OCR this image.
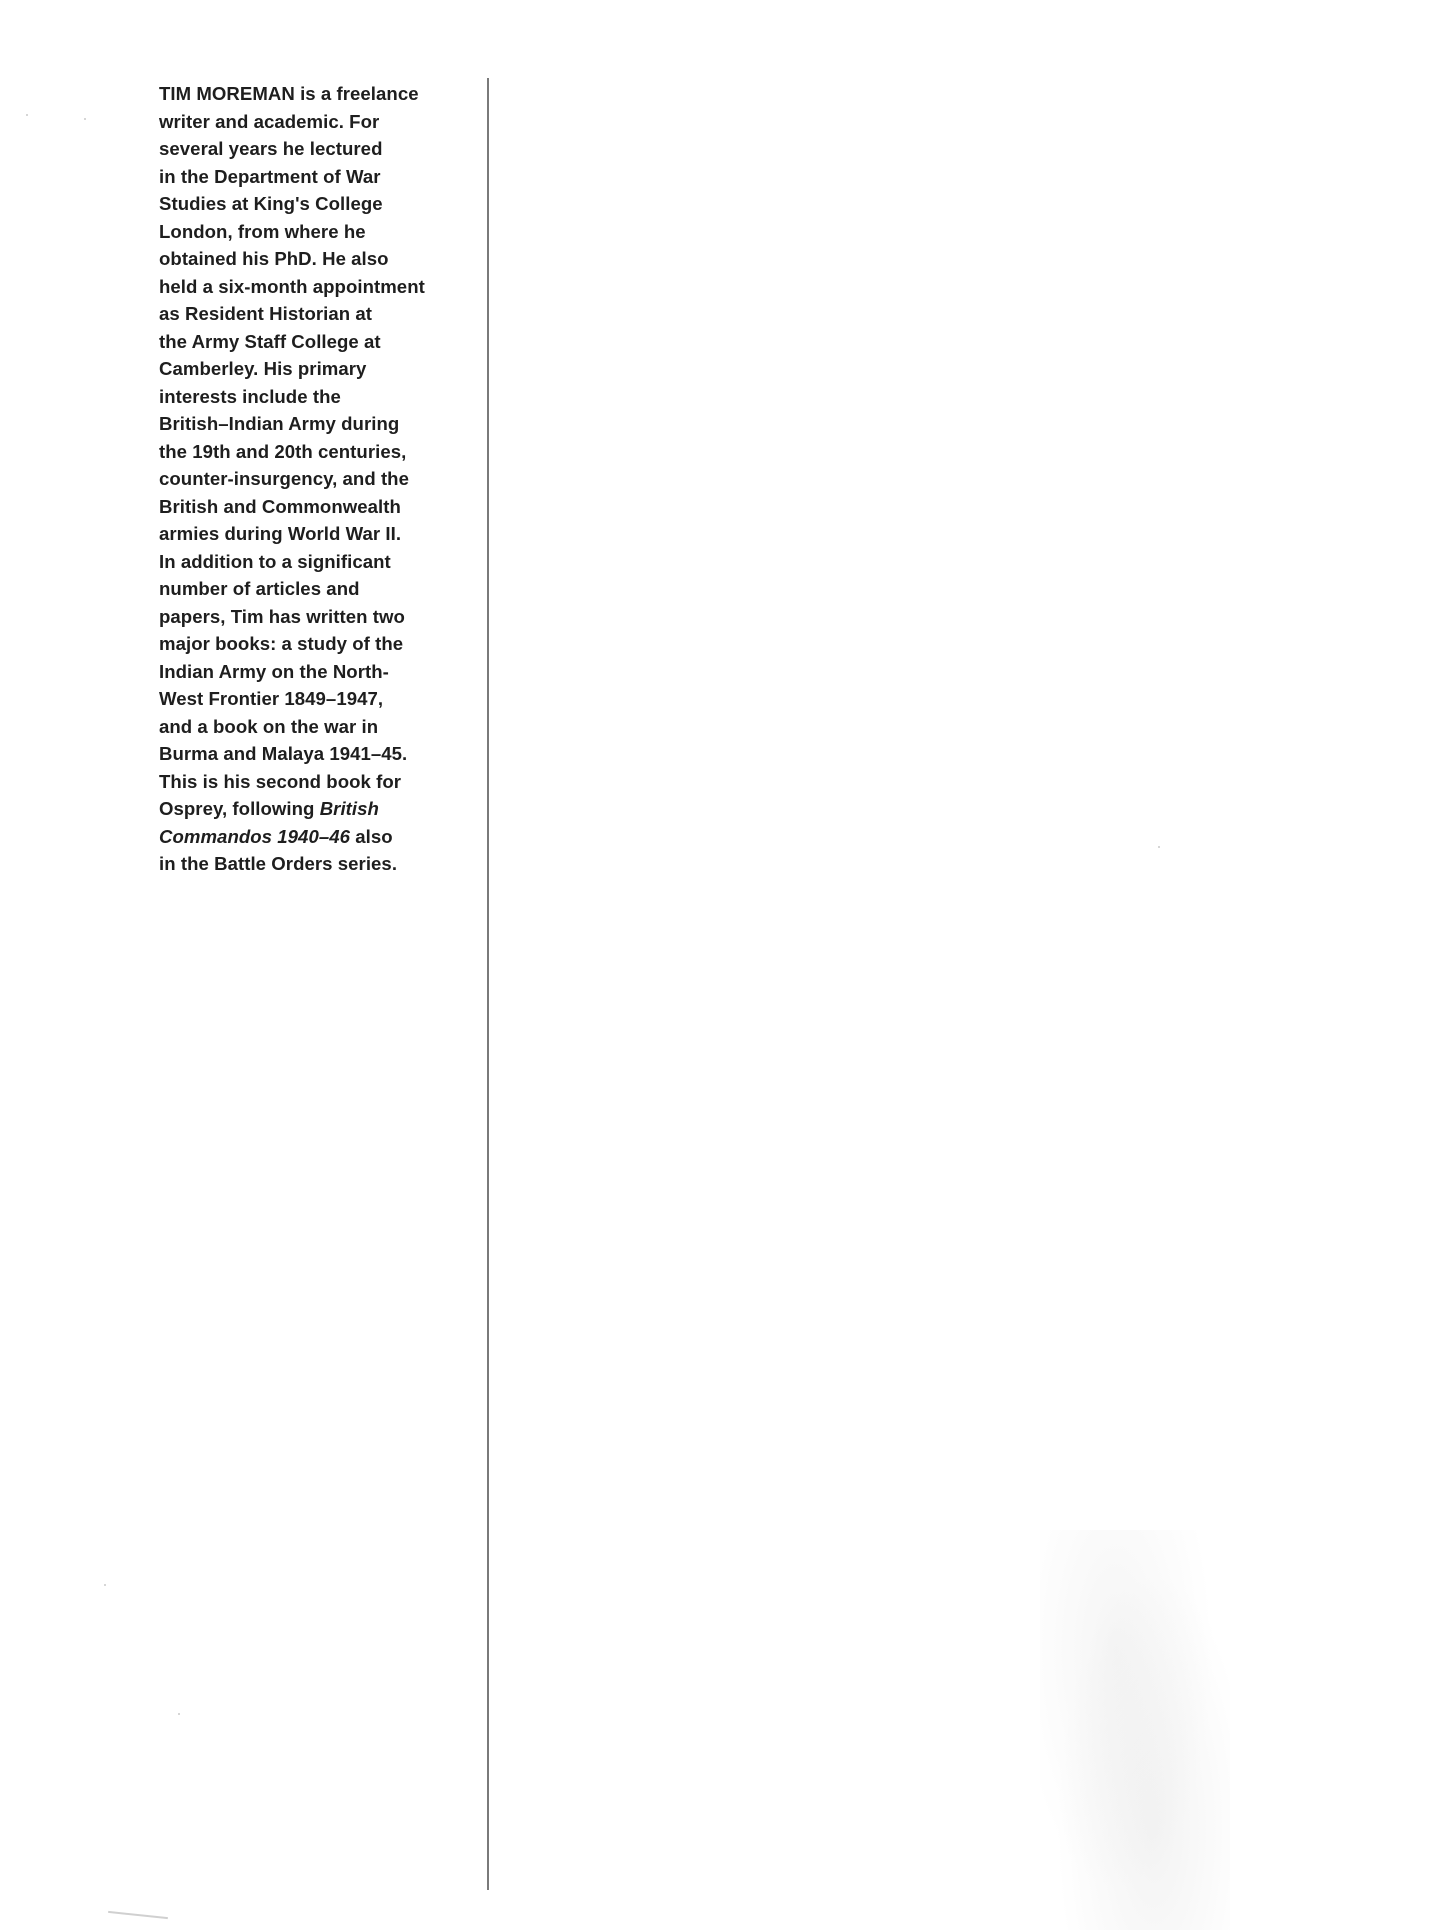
TIM MOREMAN is a freelance
writer and academic. For
several years he lectured
in the Department of War
Studies at King's College
London, from where he
obtained his PhD. He also
held a six-month appointment
as Resident Historian at
the Army Staff College at
Camberley. His primary
interests include the
British–Indian Army during
the 19th and 20th centuries,
counter-insurgency, and the
British and Commonwealth
armies during World War II.
In addition to a significant
number of articles and
papers, Tim has written two
major books: a study of the
Indian Army on the North-
West Frontier 1849–1947,
and a book on the war in
Burma and Malaya 1941–45.
This is his second book for
Osprey, following British
Commandos 1940–46 also
in the Battle Orders series.
